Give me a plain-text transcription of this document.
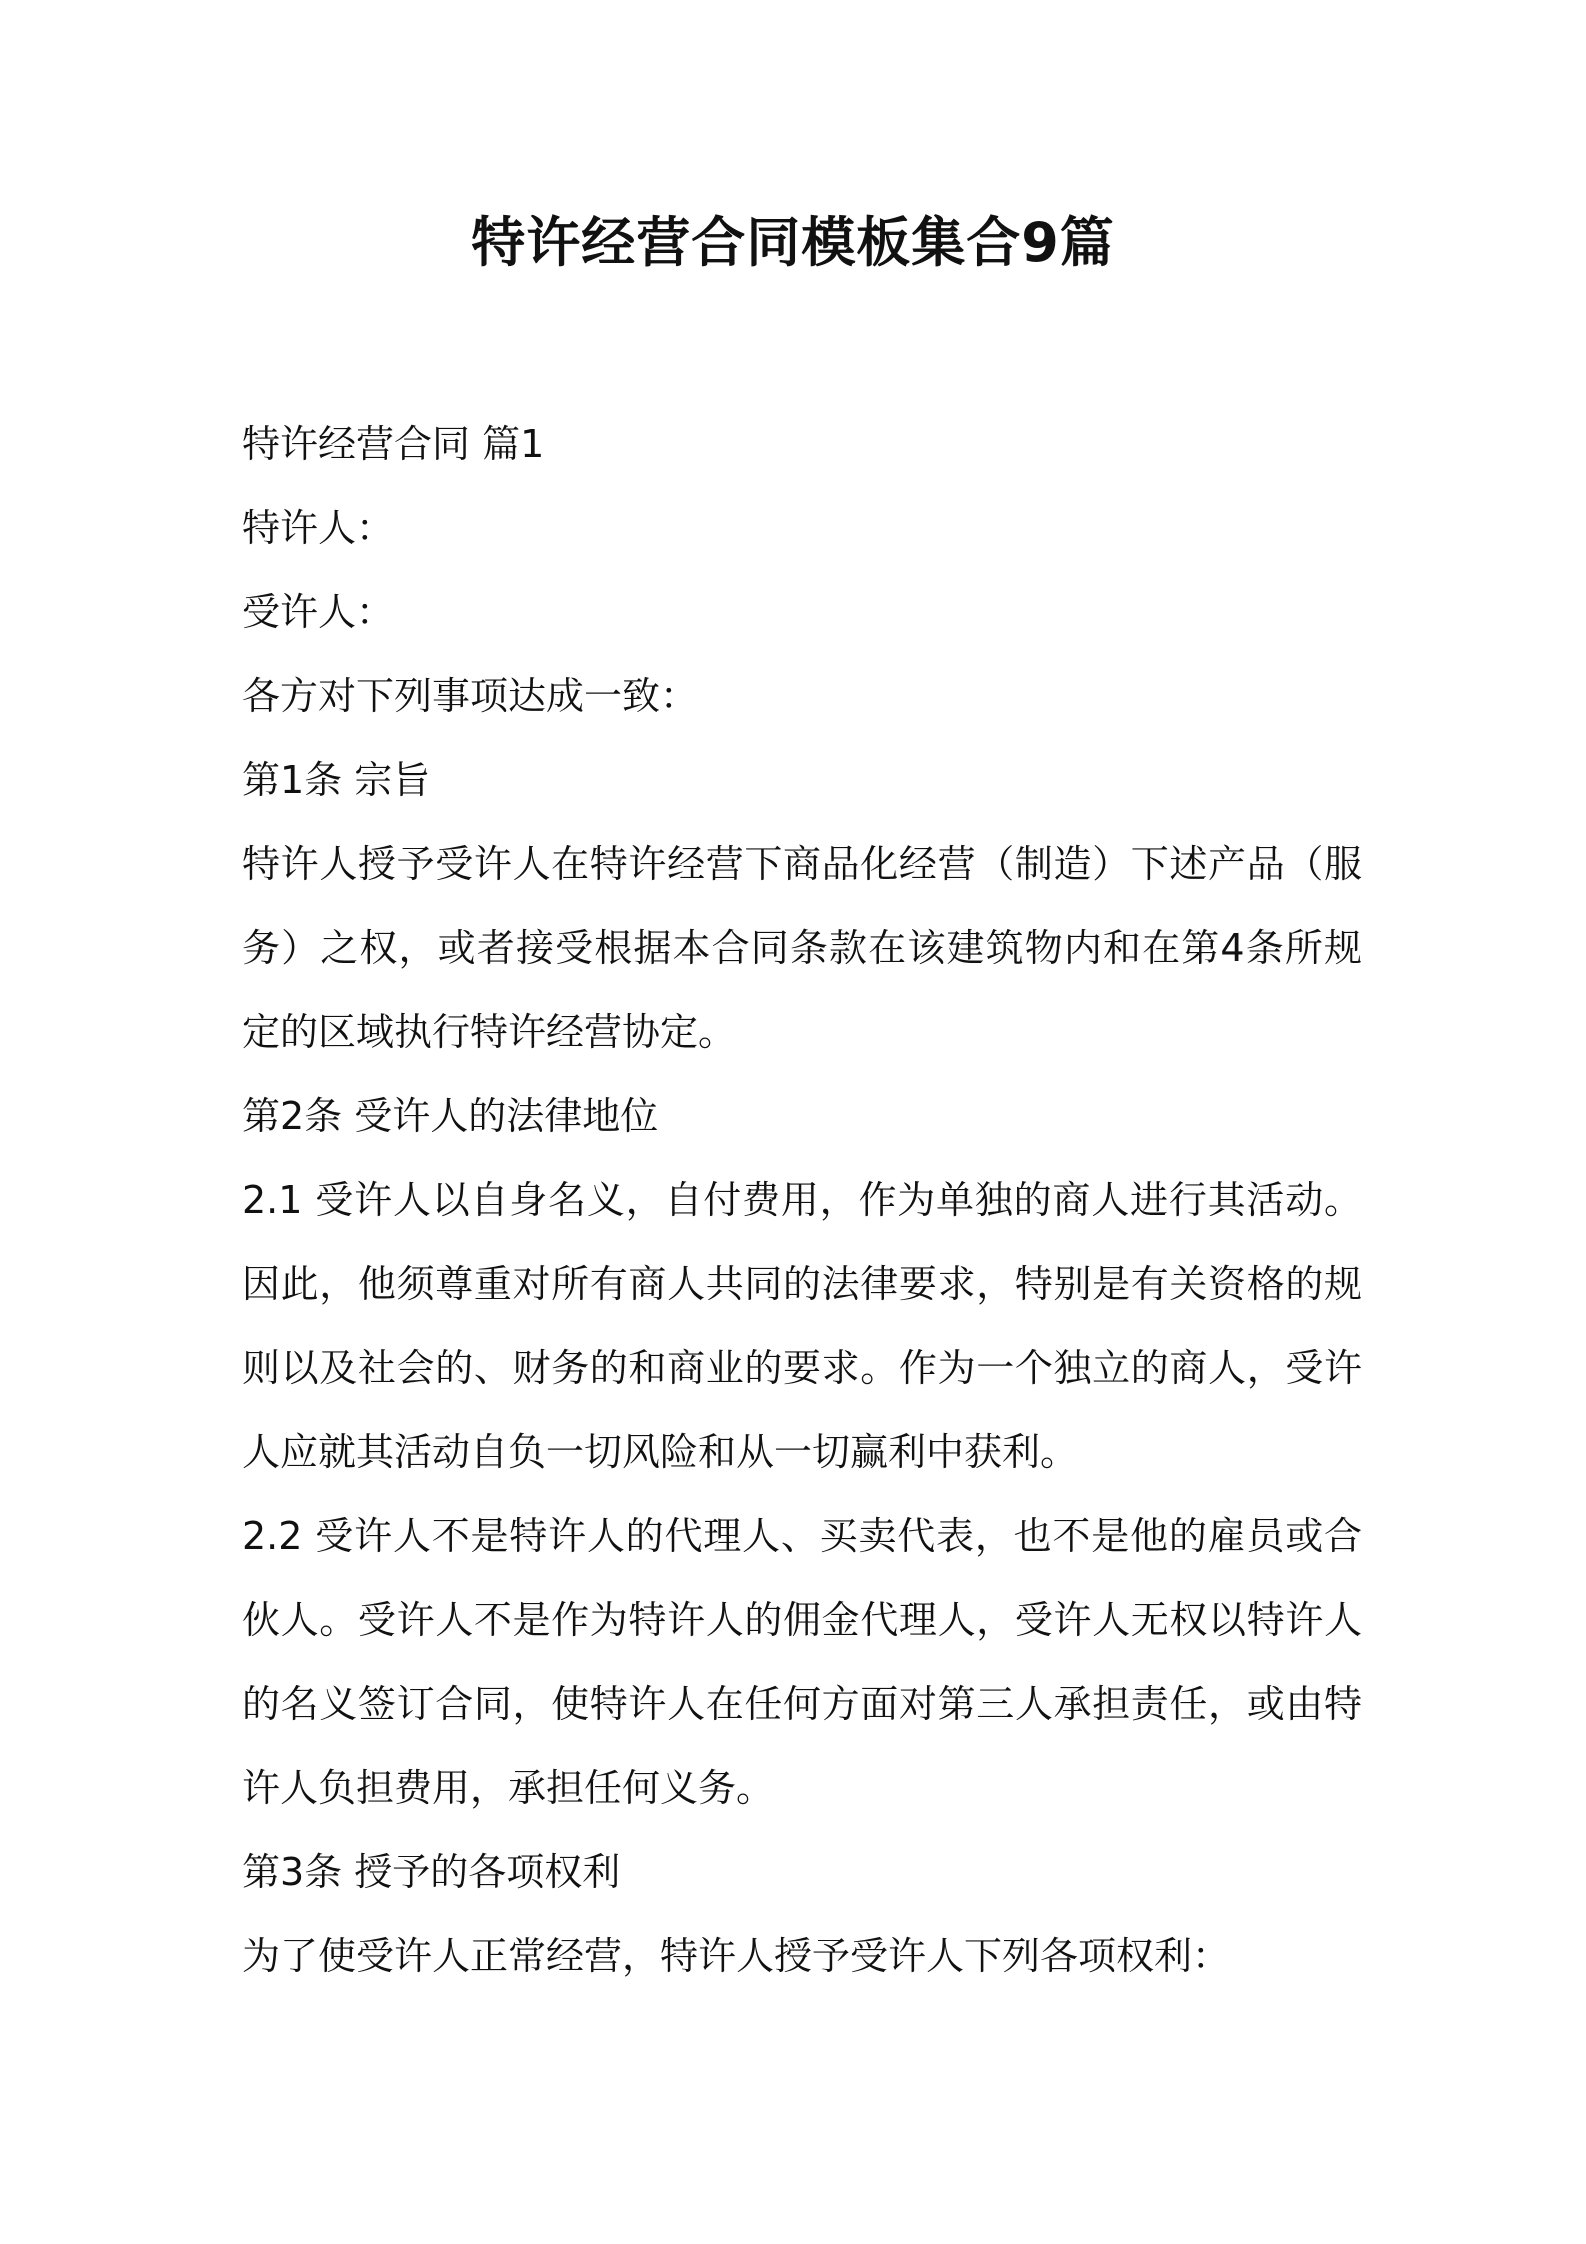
特许经营合同模板集合9篇

特许经营合同 篇1

特许人：

受许人：

各方对下列事项达成一致：

第1条 宗旨

特许人授予受许人在特许经营下商品化经营（制造）下述产品（服务）之权，或者接受根据本合同条款在该建筑物内和在第4条所规定的区域执行特许经营协定。

第2条 受许人的法律地位

2.1 受许人以自身名义，自付费用，作为单独的商人进行其活动。因此，他须尊重对所有商人共同的法律要求，特别是有关资格的规则以及社会的、财务的和商业的要求。作为一个独立的商人，受许人应就其活动自负一切风险和从一切赢利中获利。

2.2 受许人不是特许人的代理人、买卖代表，也不是他的雇员或合伙人。受许人不是作为特许人的佣金代理人，受许人无权以特许人的名义签订合同，使特许人在任何方面对第三人承担责任，或由特许人负担费用，承担任何义务。

第3条 授予的各项权利

为了使受许人正常经营，特许人授予受许人下列各项权利：
